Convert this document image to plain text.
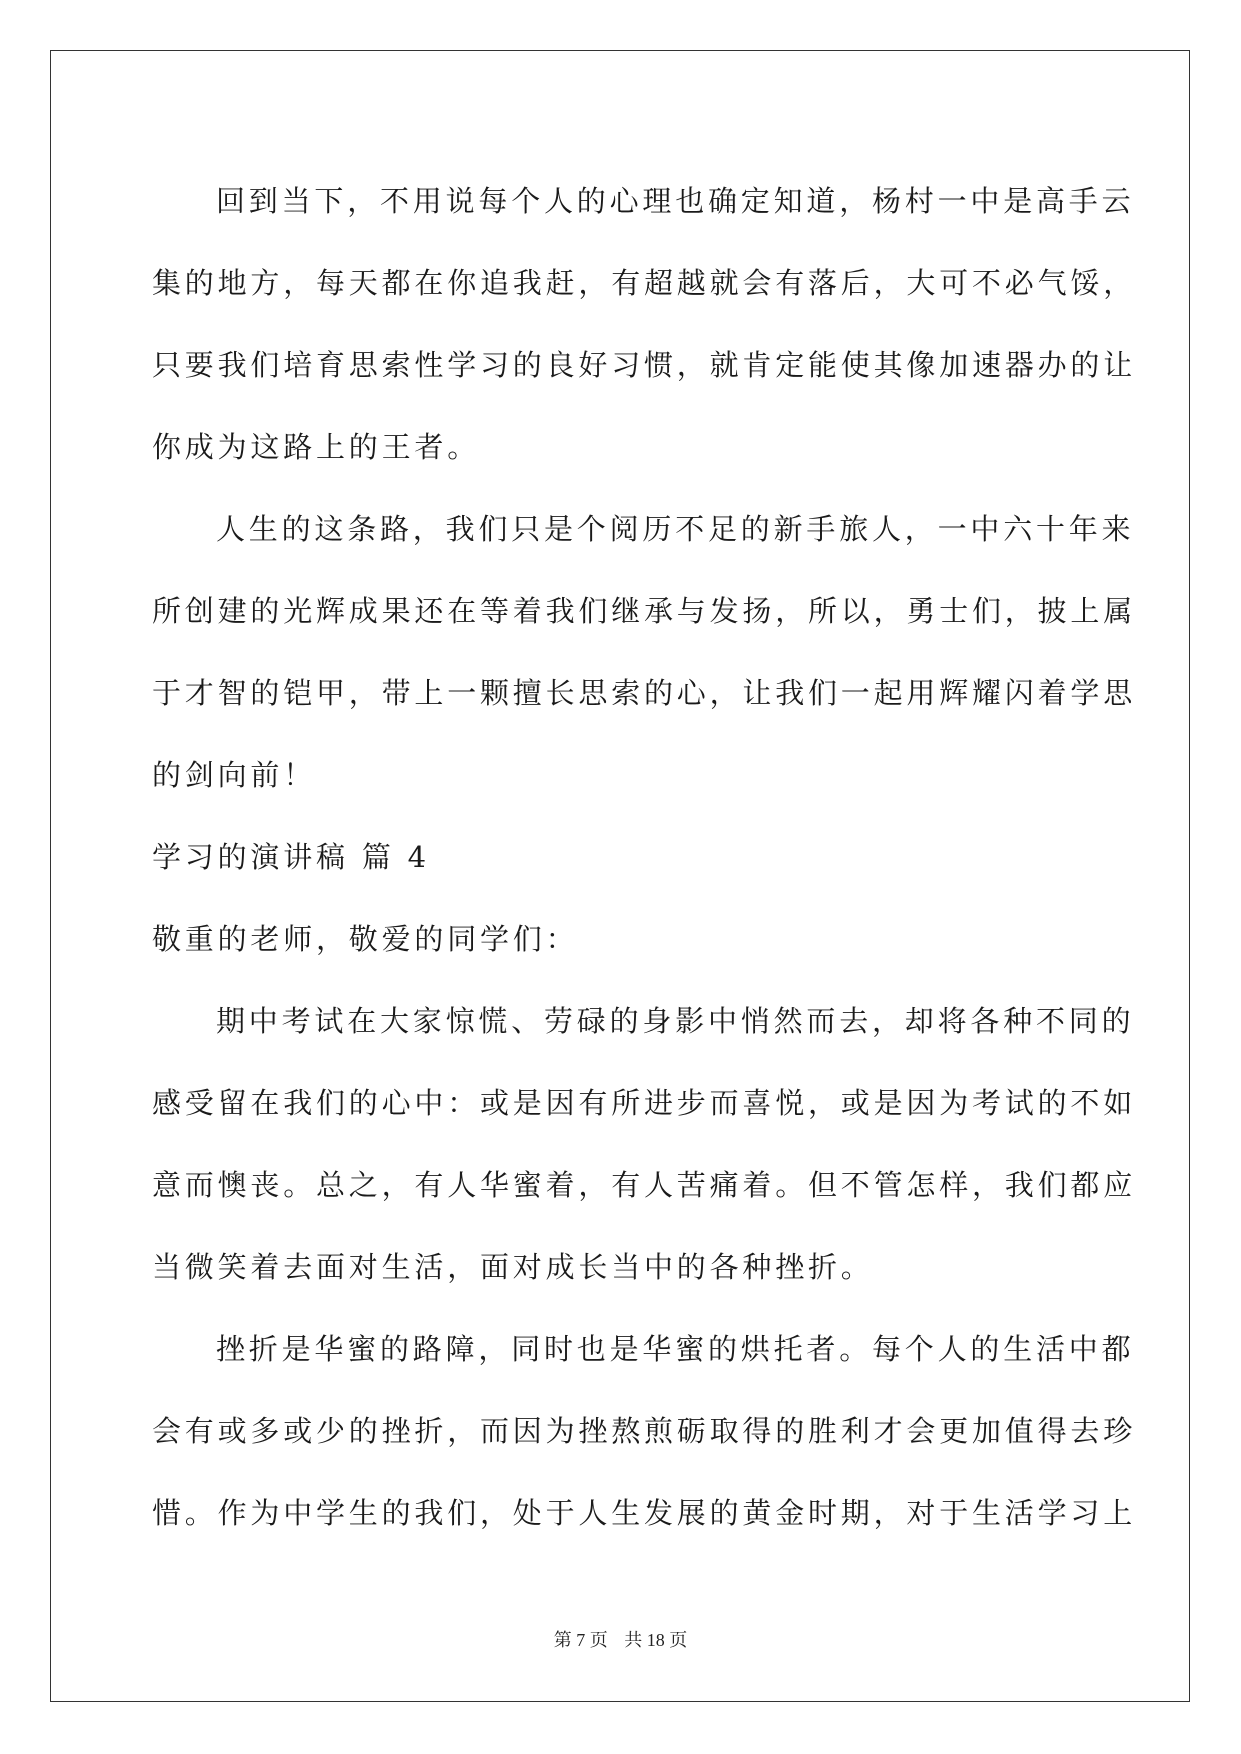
回到当下，不用说每个人的心理也确定知道，杨村一中是高手云
集的地方，每天都在你追我赶，有超越就会有落后，大可不必气馁，
只要我们培育思索性学习的良好习惯，就肯定能使其像加速器办的让
你成为这路上的王者。
人生的这条路，我们只是个阅历不足的新手旅人，一中六十年来
所创建的光辉成果还在等着我们继承与发扬，所以，勇士们，披上属
于才智的铠甲，带上一颗擅长思索的心，让我们一起用辉耀闪着学思
的剑向前！
学习的演讲稿 篇 4
敬重的老师，敬爱的同学们：
期中考试在大家惊慌、劳碌的身影中悄然而去，却将各种不同的
感受留在我们的心中：或是因有所进步而喜悦，或是因为考试的不如
意而懊丧。总之，有人华蜜着，有人苦痛着。但不管怎样，我们都应
当微笑着去面对生活，面对成长当中的各种挫折。
挫折是华蜜的路障，同时也是华蜜的烘托者。每个人的生活中都
会有或多或少的挫折，而因为挫熬煎砺取得的胜利才会更加值得去珍
惜。作为中学生的我们，处于人生发展的黄金时期，对于生活学习上
第 7 页 共 18 页
